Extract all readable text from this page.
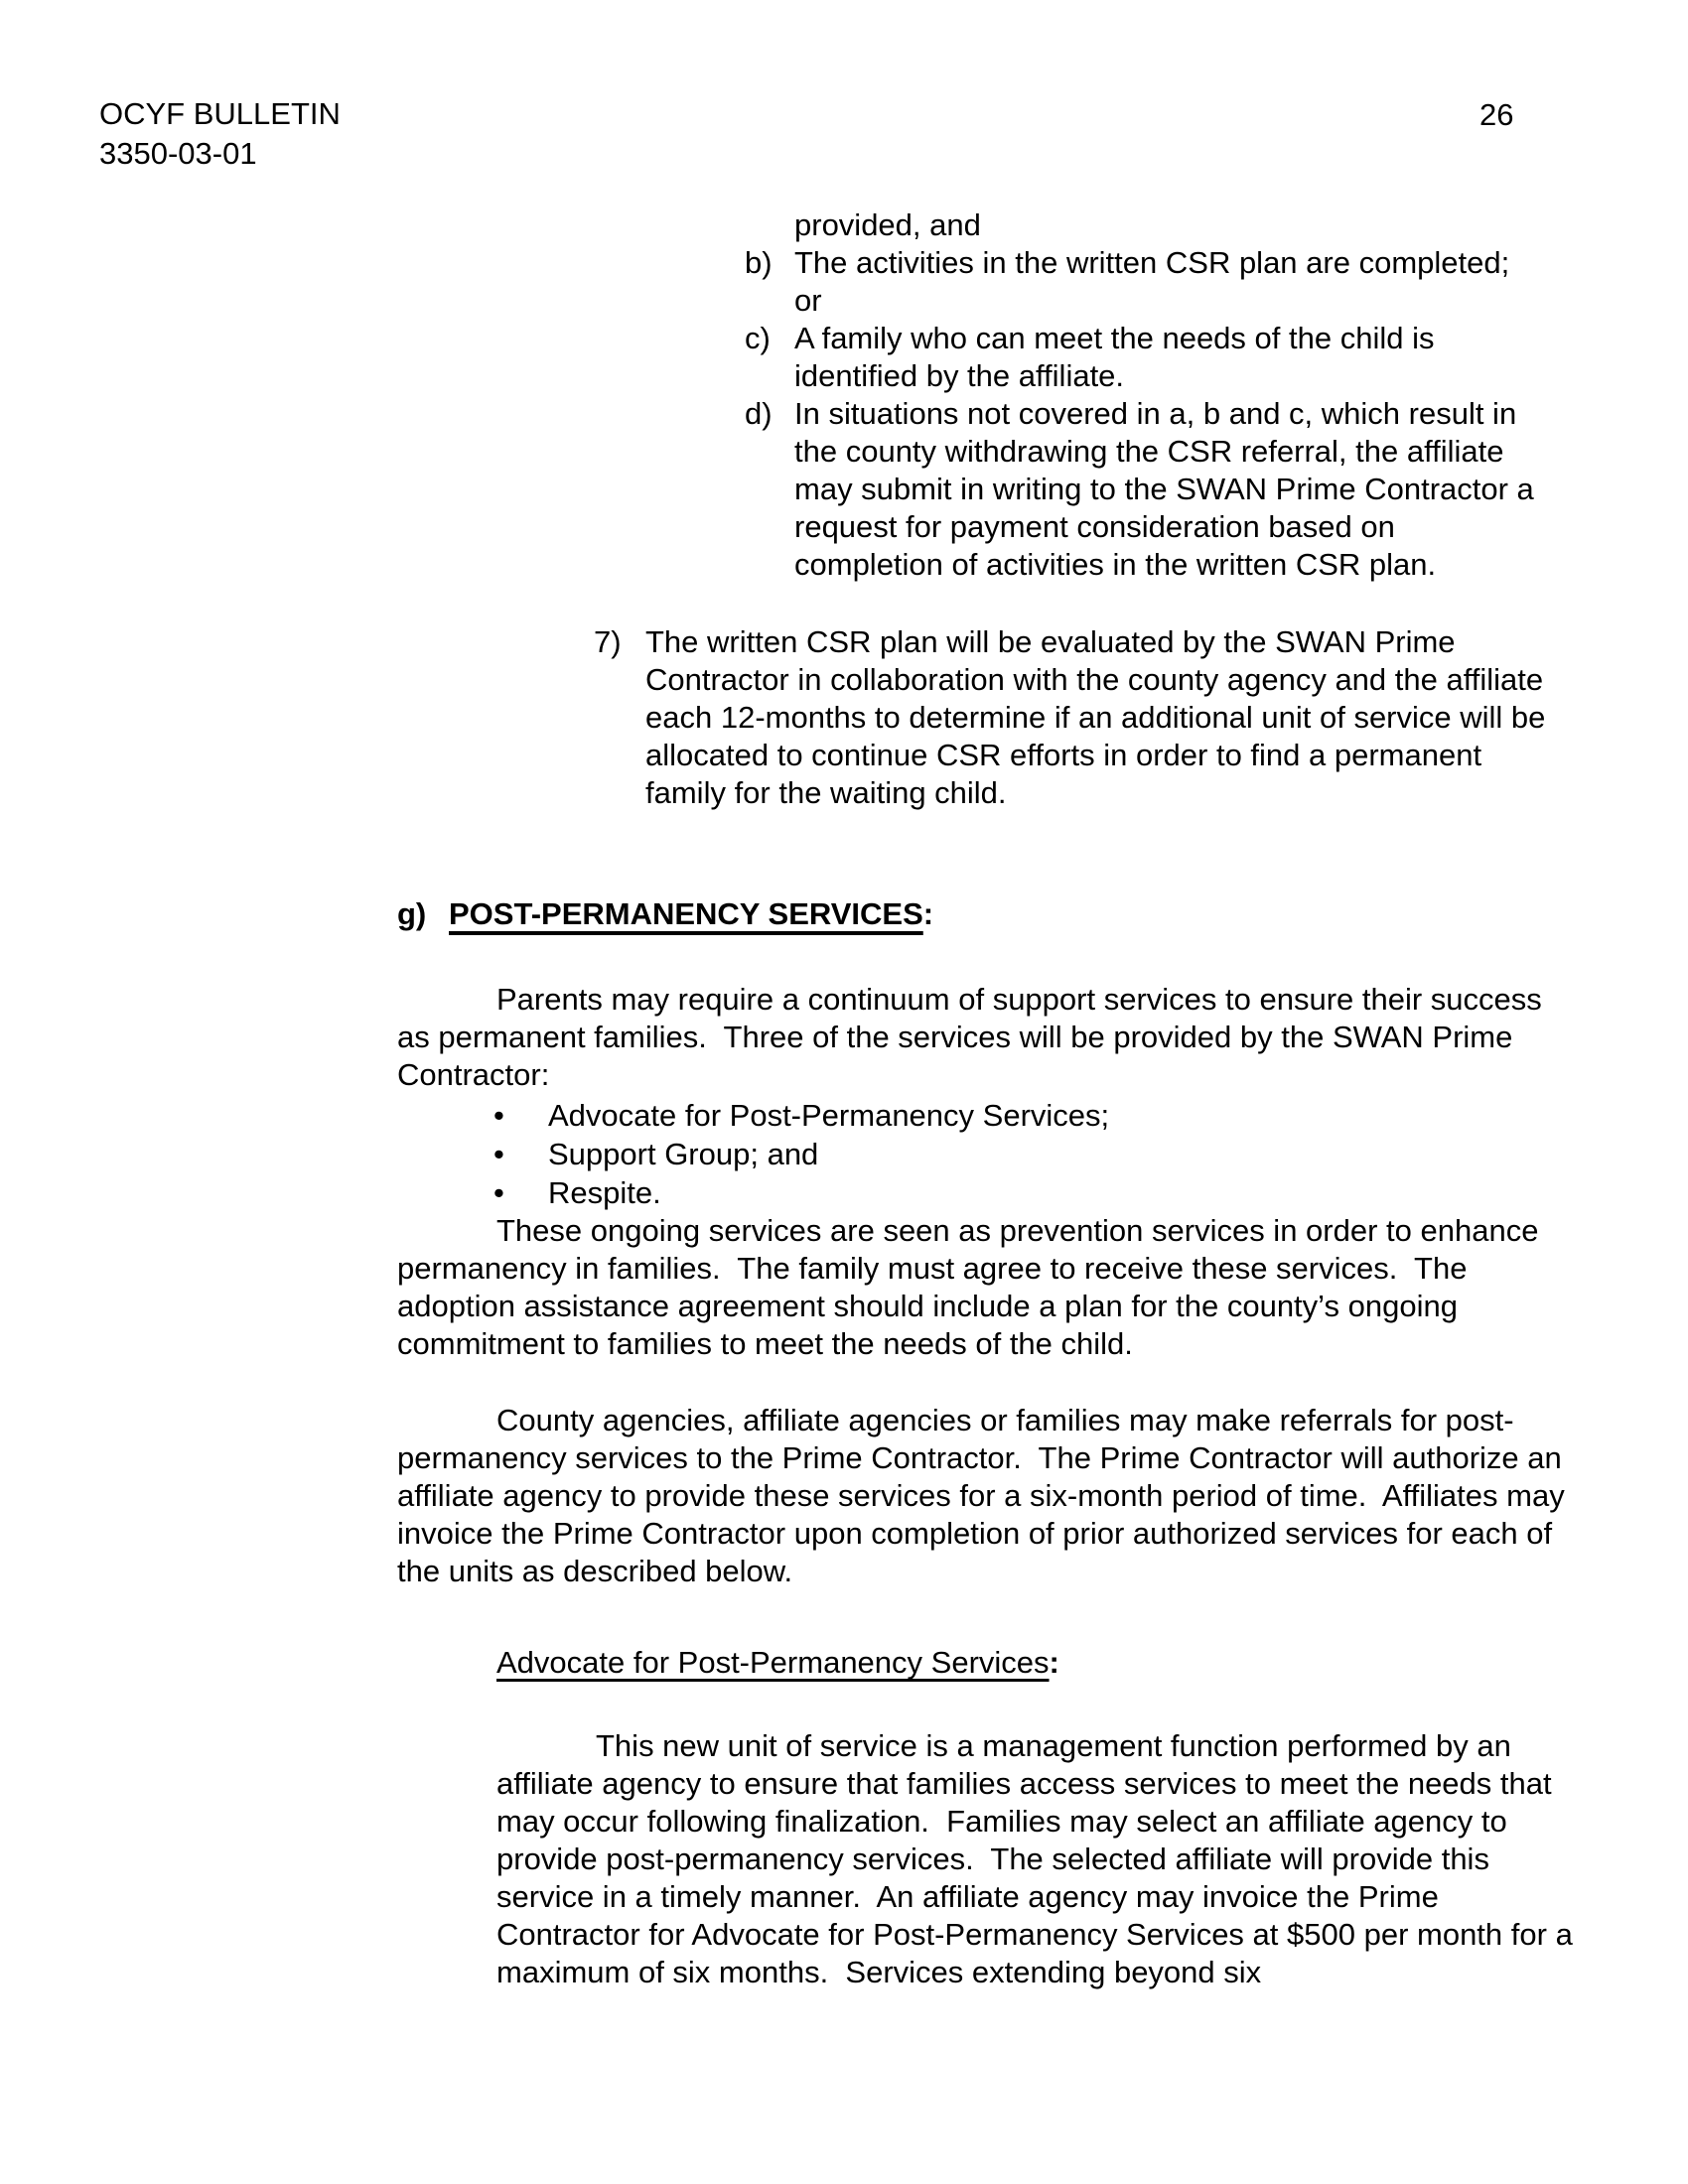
OCYF BULLETIN
3350-03-01
26
provided, and
b) The activities in the written CSR plan are completed; or
c) A family who can meet the needs of the child is identified by the affiliate.
d) In situations not covered in a, b and c, which result in the county withdrawing the CSR referral, the affiliate may submit in writing to the SWAN Prime Contractor a request for payment consideration based on completion of activities in the written CSR plan.
7) The written CSR plan will be evaluated by the SWAN Prime Contractor in collaboration with the county agency and the affiliate each 12-months to determine if an additional unit of service will be allocated to continue CSR efforts in order to find a permanent family for the waiting child.
g) POST-PERMANENCY SERVICES:
Parents may require a continuum of support services to ensure their success as permanent families.  Three of the services will be provided by the SWAN Prime Contractor:
•	Advocate for Post-Permanency Services;
•	Support Group; and
•	Respite.
These ongoing services are seen as prevention services in order to enhance permanency in families.  The family must agree to receive these services.  The adoption assistance agreement should include a plan for the county’s ongoing commitment to families to meet the needs of the child.
County agencies, affiliate agencies or families may make referrals for post-permanency services to the Prime Contractor.  The Prime Contractor will authorize an affiliate agency to provide these services for a six-month period of time.  Affiliates may invoice the Prime Contractor upon completion of prior authorized services for each of the units as described below.
Advocate for Post-Permanency Services:
This new unit of service is a management function performed by an affiliate agency to ensure that families access services to meet the needs that may occur following finalization.  Families may select an affiliate agency to provide post-permanency services.  The selected affiliate will provide this service in a timely manner.  An affiliate agency may invoice the Prime Contractor for Advocate for Post-Permanency Services at $500 per month for a maximum of six months.  Services extending beyond six
